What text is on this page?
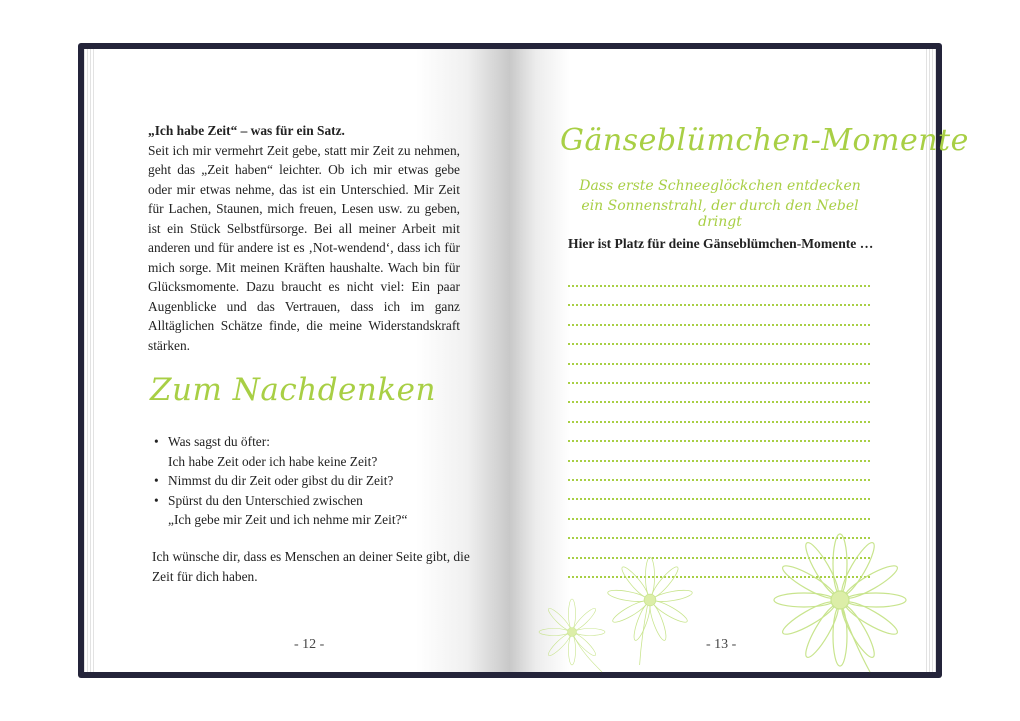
„Ich habe Zeit“ – was für ein Satz.
Seit ich mir vermehrt Zeit gebe, statt mir Zeit zu nehmen, geht das „Zeit haben“ leichter. Ob ich mir etwas gebe oder mir etwas nehme, das ist ein Unterschied. Mir Zeit für Lachen, Staunen, mich freuen, Lesen usw. zu geben, ist ein Stück Selbstfürsorge. Bei all meiner Arbeit mit anderen und für andere ist es ‚Not-wendend‘, dass ich für mich sorge. Mit meinen Kräften haushalte. Wach bin für Glücksmomente. Dazu braucht es nicht viel: Ein paar Augenblicke und das Vertrauen, dass ich im ganz Alltäglichen Schätze finde, die meine Widerstandskraft stärken.
Zum Nachdenken
• Was sagst du öfter:
Ich habe Zeit oder ich habe keine Zeit?
• Nimmst du dir Zeit oder gibst du dir Zeit?
• Spürst du den Unterschied zwischen
„Ich gebe mir Zeit und ich nehme mir Zeit?“
Ich wünsche dir, dass es Menschen an deiner Seite gibt, die Zeit für dich haben.
- 12 -
Gänseblümchen-Momente
Dass erste Schneeglöckchen entdecken
ein Sonnenstrahl, der durch den Nebel dringt
Hier ist Platz für deine Gänseblümchen-Momente …
- 13 -
